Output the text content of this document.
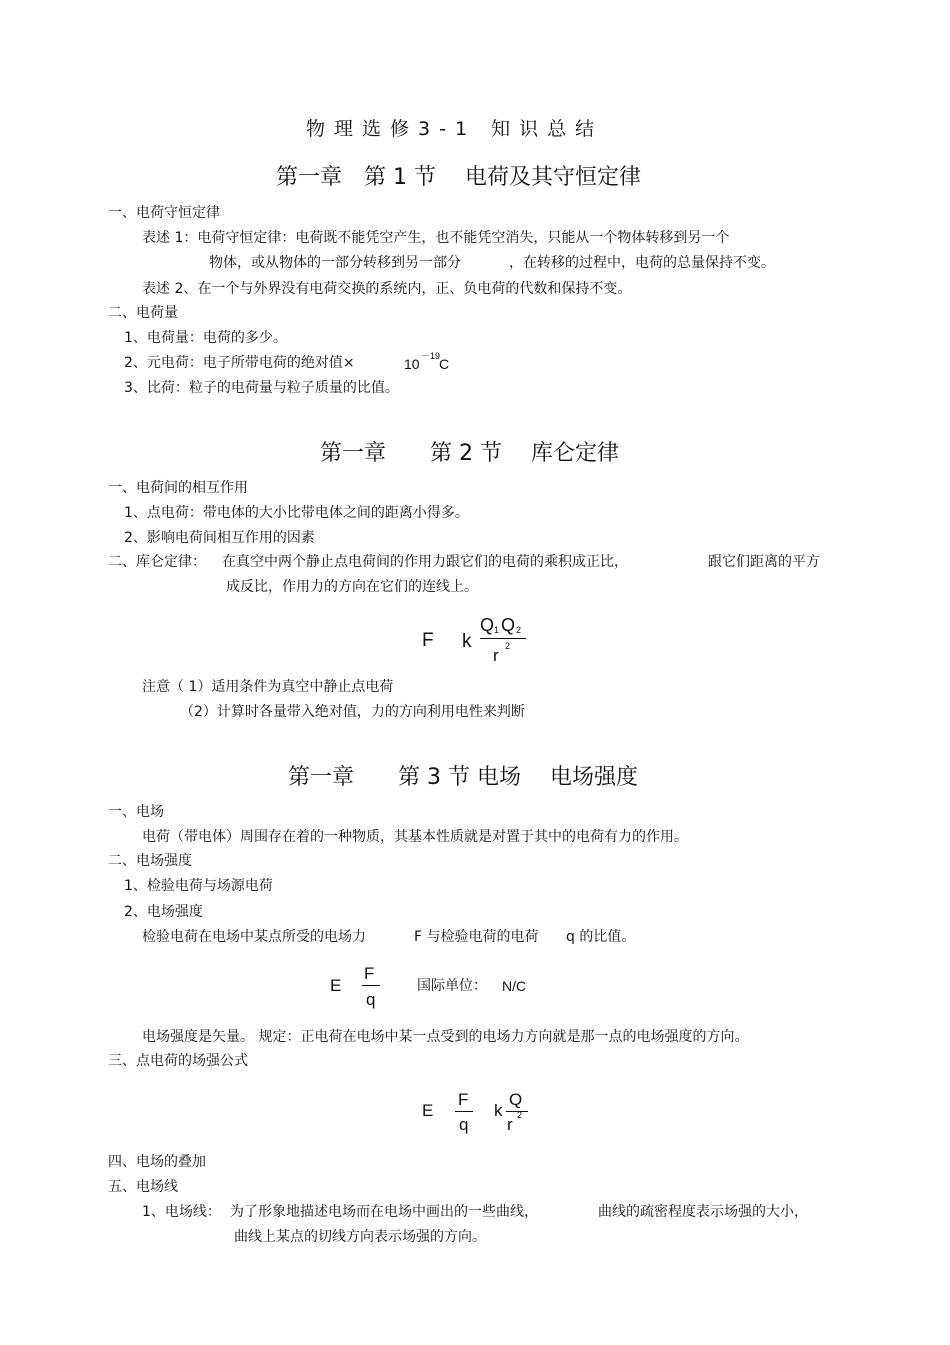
物理选修3-1 知识总结
第一章　第 1 节　 电荷及其守恒定律
一、电荷守恒定律
表述 1：电荷守恒定律：电荷既不能凭空产生，也不能凭空消失，只能从一个物体转移到另一个
物体，或从物体的一部分转移到另一部分	，在转移的过程中，电荷的总量保持不变。
表述 2、在一个与外界没有电荷交换的系统内，正、负电荷的代数和保持不变。
二、电荷量
1、电荷量：电荷的多少。
2、元电荷：电子所带电荷的绝对值×	10 －19
C
3、比荷：粒子的电荷量与粒子质量的比值。
第一章　　第 2 节　 库仑定律
一、电荷间的相互作用
1、点电荷：带电体的大小比带电体之间的距离小得多。
2、影响电荷间相互作用的因素
二、库仑定律： 在真空中两个静止点电荷间的作用力跟它们的电荷的乘积成正比，	跟它们距离的平方
成反比，作用力的方向在它们的连线上。
F k
Q 1 Q 2
r 2
注意（ 1）适用条件为真空中静止点电荷
（2）计算时各量带入绝对值，力的方向利用电性来判断
第一章　　第 3 节 电场　 电场强度
一、电场
电荷（带电体）周围存在着的一种物质，其基本性质就是对置于其中的电荷有力的作用。
二、电场强度
1、检验电荷与场源电荷
2、电场强度
检验电荷在电场中某点所受的电场力	F 与检验电荷的电荷 q 的比值。
E
F
q
国际单位： N/C
电场强度是矢量。 规定：正电荷在电场中某一点受到的电场力方向就是那一点的电场强度的方向。
三、点电荷的场强公式
E
F
q
k
Q
r 2
四、电场的叠加
五、电场线
1、电场线： 为了形象地描述电场而在电场中画出的一些曲线，	曲线的疏密程度表示场强的大小，
曲线上某点的切线方向表示场强的方向。
